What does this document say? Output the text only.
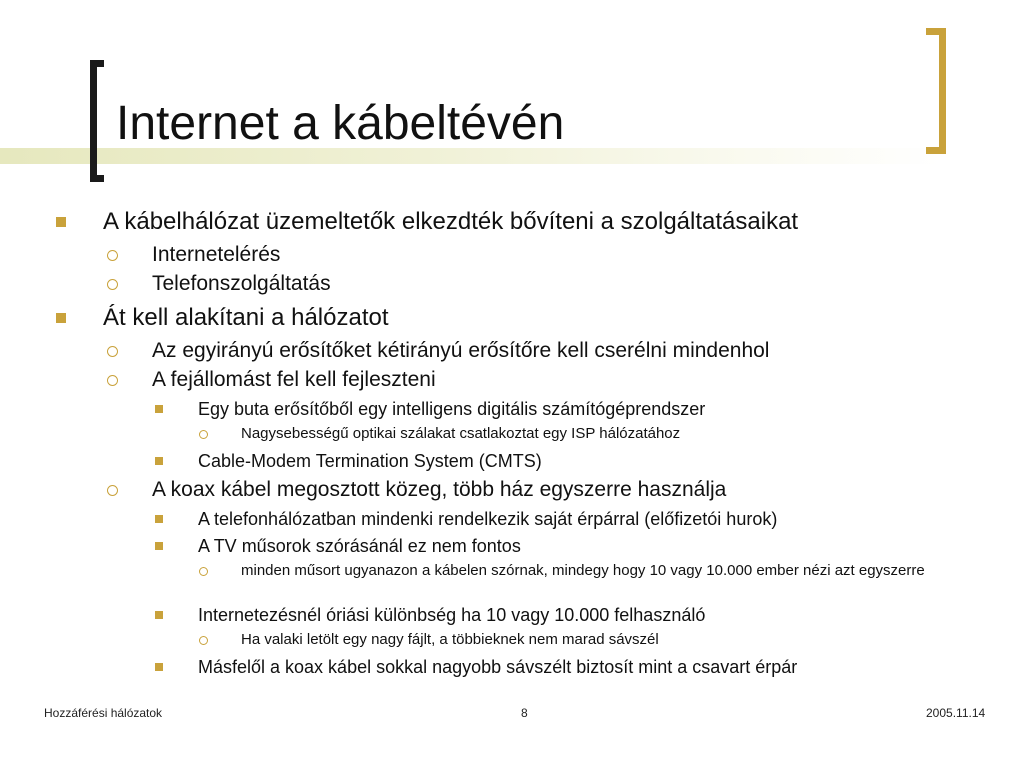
Internet a kábeltévén

A kábelhálózat üzemeltetők elkezdték bővíteni a szolgáltatásaikat

Internetelérés

Telefonszolgáltatás

Át kell alakítani a hálózatot

Az egyirányú erősítőket kétirányú erősítőre kell cserélni mindenhol

A fejállomást fel kell fejleszteni

Egy buta erősítőből egy intelligens digitális számítógéprendszer

Nagysebességű optikai szálakat csatlakoztat egy ISP hálózatához

Cable-Modem Termination System (CMTS)

A koax kábel megosztott közeg, több ház egyszerre használja

A telefonhálózatban mindenki rendelkezik saját érpárral (előfizetói hurok)

A TV műsorok szórásánál ez nem fontos

minden műsort ugyanazon a kábelen szórnak, mindegy hogy 10 vagy 10.000 ember nézi azt egyszerre

Internetezésnél óriási különbség ha 10 vagy 10.000 felhasználó

Ha valaki letölt egy nagy fájlt, a többieknek nem marad sávszél

Másfelől a koax kábel sokkal nagyobb sávszélt biztosít mint a csavart érpár

Hozzáférési hálózatok	8	2005.11.14
